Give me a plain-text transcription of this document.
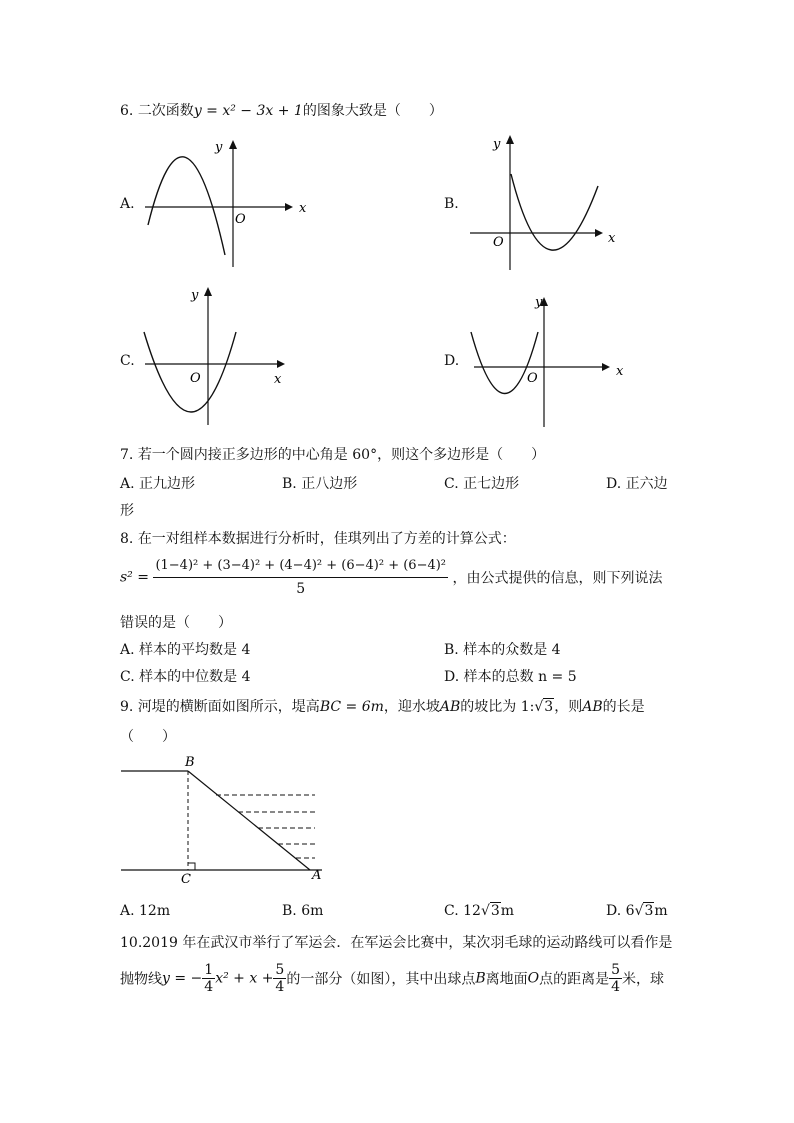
6. 二次函数y = x² − 3x + 1的图象大致是（　　）
A.	x
y
O
B.
x
y
O
C.
x
y
O
D.
x
y
O
7. 若一个圆内接正多边形的中心角是 60°，则这个多边形是（　　）
A. 正九边形	B. 正八边形	C. 正七边形	D. 正六边
形
8. 在一对组样本数据进行分析时，佳琪列出了方差的计算公式：
$s^2 = \frac{\text{(1−4)² + (3−4)² + (4−4)² + (6−4)² + (6−4)²}}{5}$ ，由公式提供的信息，则下列说法
错误的是（　　）
A. 样本的平均数是 4	B. 样本的众数是 4
C. 样本的中位数是 4	D. 样本的总数 n = 5
9. 河堤的横断面如图所示，堤高BC = 6m，迎水坡AB的坡比为 1:√3，则AB的长是
（　　）
B
C	A
A. 12m	B. 6m	C. 12√3m	D. 6√3m
10.2019 年在武汉市举行了军运会．在军运会比赛中，某次羽毛球的运动路线可以看作是
抛物线y = − $\frac{1}{4} x^2 + x + \frac{5}{4}$ 的一部分（如图），其中出球点B离地面O点的距离是 $\frac{5}{4}$ 米，球
